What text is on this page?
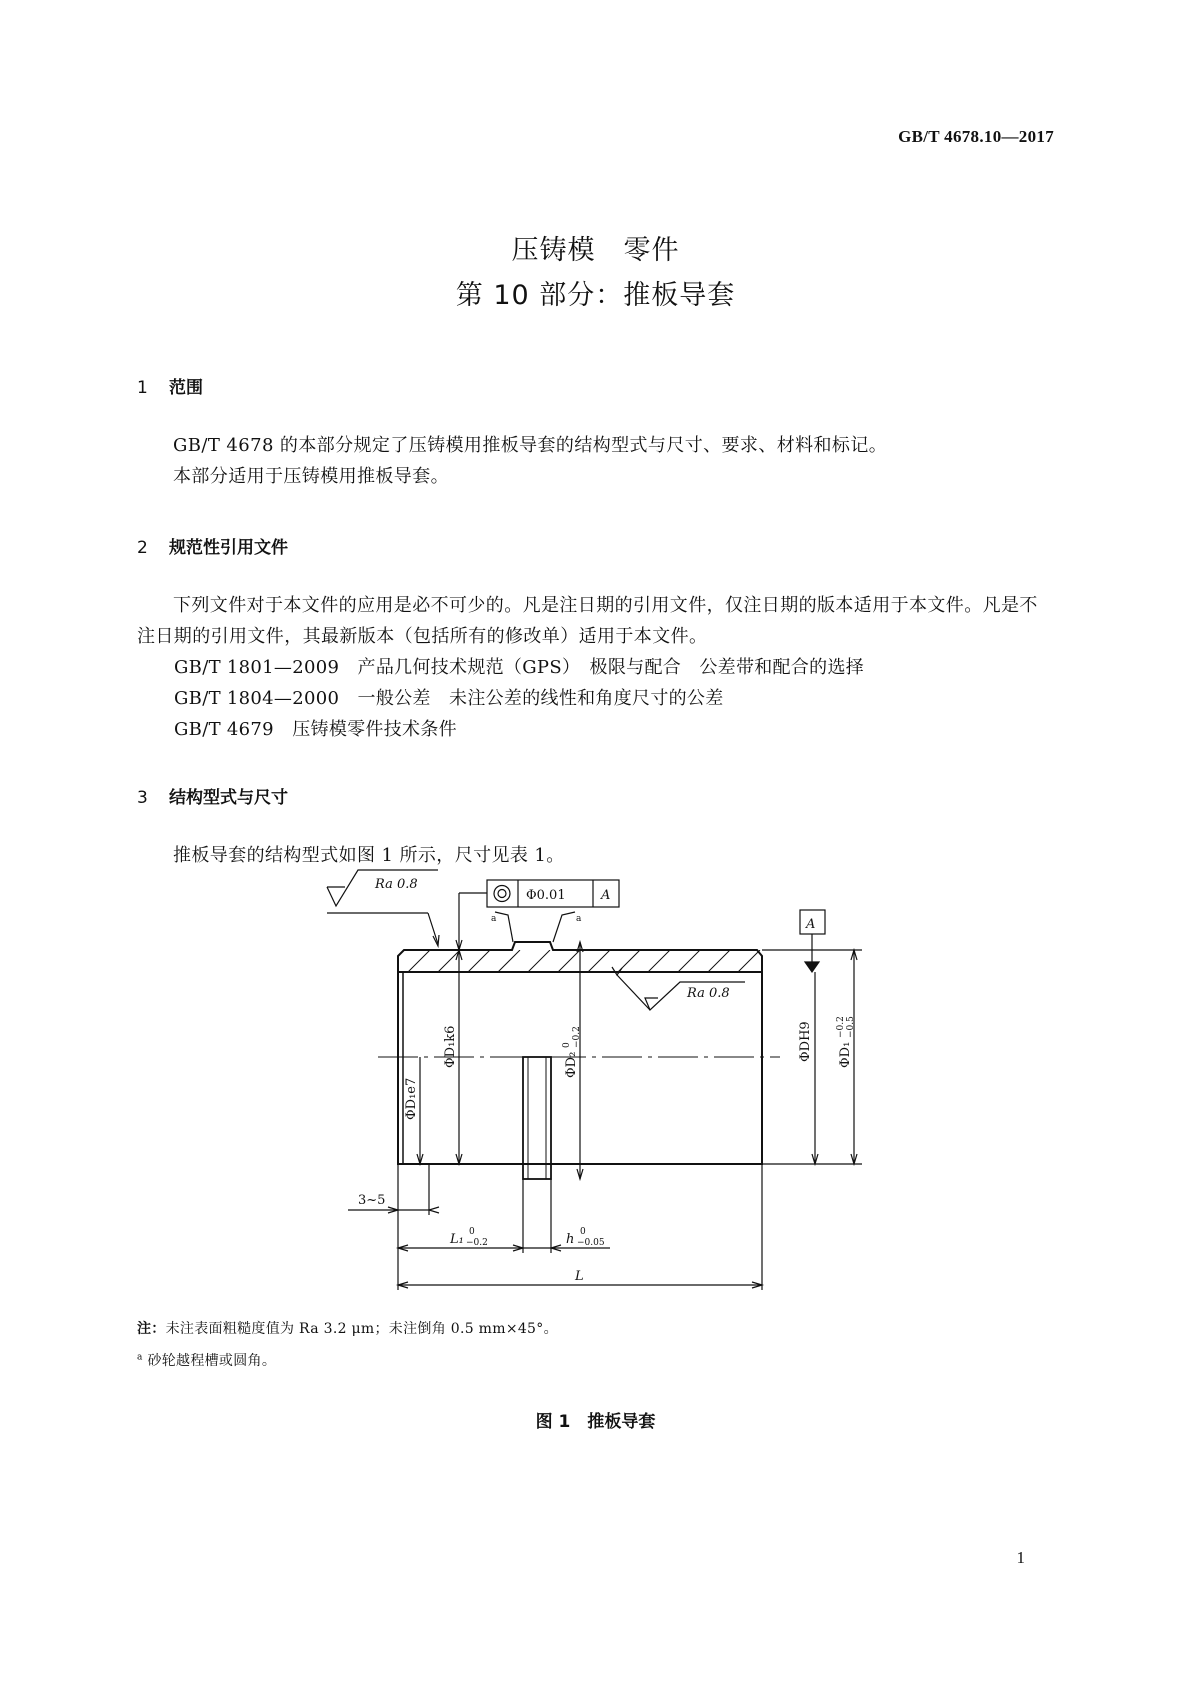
GB/T 4678.10—2017
压铸模　零件
第 10 部分：推板导套
1 范围

GB/T 4678 的本部分规定了压铸模用推板导套的结构型式与尺寸、要求、材料和标记。

本部分适用于压铸模用推板导套。

2 规范性引用文件

下列文件对于本文件的应用是必不可少的。凡是注日期的引用文件，仅注日期的版本适用于本文件。凡是不注日期的引用文件，其最新版本（包括所有的修改单）适用于本文件。

GB/T 1801—2009　 产品几何技术规范（GPS）　极限与配合　公差带和配合的选择
GB/T 1804—2000　 一般公差　未注公差的线性和角度尺寸的公差
GB/T 4679　 压铸模零件技术条件
3 结构型式与尺寸

推板导套的结构型式如图 1 所示，尺寸见表 1。

Ra 0.8
Φ0.01	A
a	a	A
Ra 0.8
ΦD₁k6
ΦD₁e7
ΦD₂
0 −0.2	ΦDH9 ΦD₁
−0.2 −0.5
3~5
L₁ 0
−0.2	h 0
−0.05
L
注：未注表面粗糙度值为 Ra 3.2 μm；未注倒角 0.5 mm×45°。
$^a$ 砂轮越程槽或圆角。
图 1　推板导套
1
